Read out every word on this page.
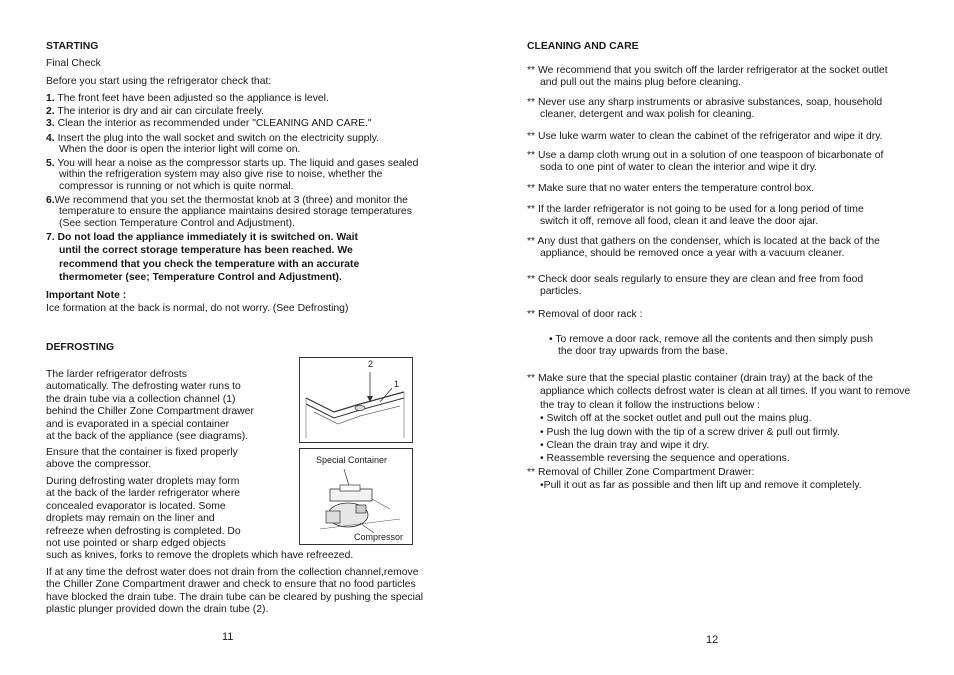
STARTING
Final Check
Before you start using the refrigerator check that:
1. The front feet have been adjusted so the appliance is level.
2. The interior is dry and air can circulate freely.
3. Clean the interior as recommended under "CLEANING AND CARE."
4. Insert the plug into the wall socket and switch on the electricity supply.
When the door is open the interior light will come on.
5. You will hear a noise as the compressor starts up. The liquid and gases sealed
within the refrigeration system may also give rise to noise, whether the
compressor is running or not which is quite normal.
6.We recommend that you set the thermostat knob at 3 (three) and monitor the
temperature to ensure the appliance maintains desired storage temperatures
(See section Temperature Control and Adjustment).
7. Do not load the appliance immediately it is switched on. Wait
until the correct storage temperature has been reached. We
recommend that you check the temperature with an accurate
thermometer (see; Temperature Control and Adjustment).
Important Note :
Ice formation at the back is normal, do not worry. (See Defrosting)
DEFROSTING
The larder refrigerator defrosts
automatically. The defrosting water runs to
the drain tube via a collection channel (1)
behind the Chiller Zone Compartment drawer
and is evaporated in a special container
at the back of the appliance (see diagrams).
Ensure that the container is fixed properly
above the compressor.
During defrosting water droplets may form
at the back of the larder refrigerator where
concealed evaporator is located. Some
droplets may remain on the liner and
refreeze when defrosting is completed. Do
not use pointed or sharp edged objects
such as knives, forks to remove the droplets which have refreezed.
If at any time the defrost water does not drain from the collection channel,remove
the Chiller Zone Compartment drawer and check to ensure that no food particles
have blocked the drain tube. The drain tube can be cleared by pushing the special
plastic plunger provided down the drain tube (2).
2
1
Special Container
Compressor
11
CLEANING AND CARE
** We recommend that you switch off the larder refrigerator at the socket outlet
and pull out the mains plug before cleaning.
** Never use any sharp instruments or abrasive substances, soap, household
cleaner, detergent and wax polish for cleaning.
** Use luke warm water to clean the cabinet of the refrigerator and wipe it dry.
** Use a damp cloth wrung out in a solution of one teaspoon of bicarbonate of
soda to one pint of water to clean the interior and wipe it dry.
** Make sure that no water enters the temperature control box.
** If the larder refrigerator is not going to be used for a long period of time
switch it off, remove all food, clean it and leave the door ajar.
** Any dust that gathers on the condenser, which is located at the back of the
appliance, should be removed once a year with a vacuum cleaner.
** Check door seals regularly to ensure they are clean and free from food
particles.
** Removal of door rack :
• To remove a door rack, remove all the contents and then simply push
the door tray upwards from the base.
** Make sure that the special plastic container (drain tray) at the back of the
appliance which collects defrost water is clean at all times. If you want to remove
the tray to clean it follow the instructions below :
• Switch off at the socket outlet and pull out the mains plug.
• Push the lug down with the tip of a screw driver & pull out firmly.
• Clean the drain tray and wipe it dry.
• Reassemble reversing the sequence and operations.
** Removal of Chiller Zone Compartment Drawer:
•Pull it out as far as possible and then lift up and remove it completely.
12
